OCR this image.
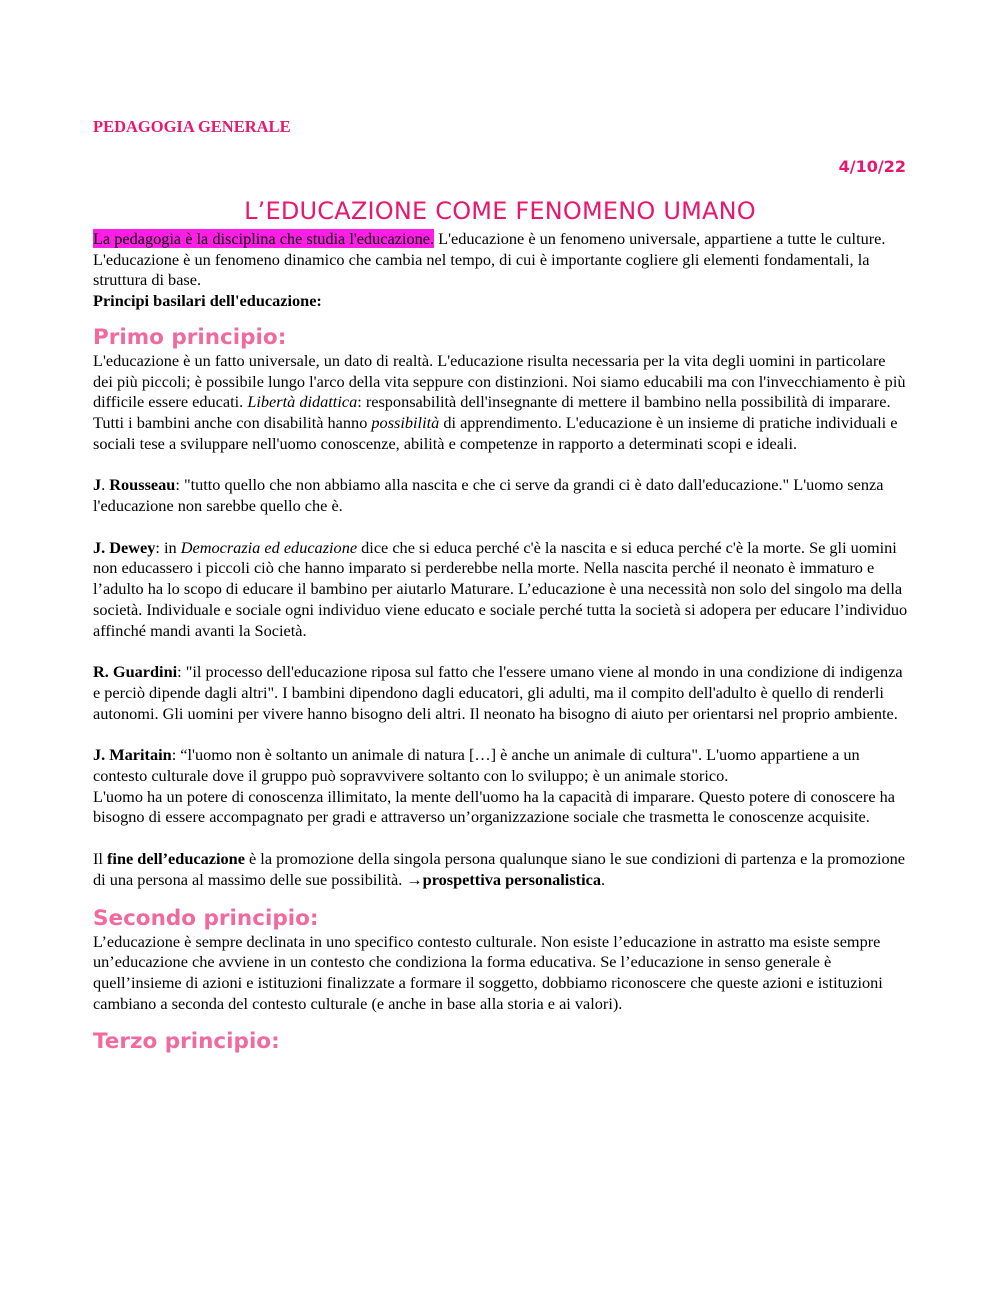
PEDAGOGIA GENERALE
4/10/22
L’EDUCAZIONE COME FENOMENO UMANO

La pedagogia è la disciplina che studia l'educazione. L'educazione è un fenomeno universale, appartiene a tutte le culture. L'educazione è un fenomeno dinamico che cambia nel tempo, di cui è importante cogliere gli elementi fondamentali, la struttura di base.

Principi basilari dell'educazione:

Primo principio:

L'educazione è un fatto universale, un dato di realtà. L'educazione risulta necessaria per la vita degli uomini in particolare dei più piccoli; è possibile lungo l'arco della vita seppure con distinzioni. Noi siamo educabili ma con l'invecchiamento è più difficile essere educati. Libertà didattica: responsabilità dell'insegnante di mettere il bambino nella possibilità di imparare. Tutti i bambini anche con disabilità hanno possibilità di apprendimento. L'educazione è un insieme di pratiche individuali e sociali tese a sviluppare nell'uomo conoscenze, abilità e competenze in rapporto a determinati scopi e ideali.

J. Rousseau: "tutto quello che non abbiamo alla nascita e che ci serve da grandi ci è dato dall'educazione." L'uomo senza l'educazione non sarebbe quello che è.

J. Dewey: in Democrazia ed educazione dice che si educa perché c'è la nascita e si educa perché c'è la morte. Se gli uomini non educassero i piccoli ciò che hanno imparato si perderebbe nella morte. Nella nascita perché il neonato è immaturo e l’adulto ha lo scopo di educare il bambino per aiutarlo Maturare. L’educazione è una necessità non solo del singolo ma della società. Individuale e sociale ogni individuo viene educato e sociale perché tutta la società si adopera per educare l’individuo affinché mandi avanti la Società.

R. Guardini: "il processo dell'educazione riposa sul fatto che l'essere umano viene al mondo in una condizione di indigenza e perciò dipende dagli altri". I bambini dipendono dagli educatori, gli adulti, ma il compito dell'adulto è quello di renderli autonomi. Gli uomini per vivere hanno bisogno deli altri. Il neonato ha bisogno di aiuto per orientarsi nel proprio ambiente.

J. Maritain: “l'uomo non è soltanto un animale di natura […] è anche un animale di cultura". L'uomo appartiene a un contesto culturale dove il gruppo può sopravvivere soltanto con lo sviluppo; è un animale storico.

L'uomo ha un potere di conoscenza illimitato, la mente dell'uomo ha la capacità di imparare. Questo potere di conoscere ha bisogno di essere accompagnato per gradi e attraverso un’organizzazione sociale che trasmetta le conoscenze acquisite.

Il fine dell’educazione è la promozione della singola persona qualunque siano le sue condizioni di partenza e la promozione di una persona al massimo delle sue possibilità. →prospettiva personalistica.

Secondo principio:

L’educazione è sempre declinata in uno specifico contesto culturale. Non esiste l’educazione in astratto ma esiste sempre un’educazione che avviene in un contesto che condiziona la forma educativa. Se l’educazione in senso generale è quell’insieme di azioni e istituzioni finalizzate a formare il soggetto, dobbiamo riconoscere che queste azioni e istituzioni cambiano a seconda del contesto culturale (e anche in base alla storia e ai valori).

Terzo principio:
